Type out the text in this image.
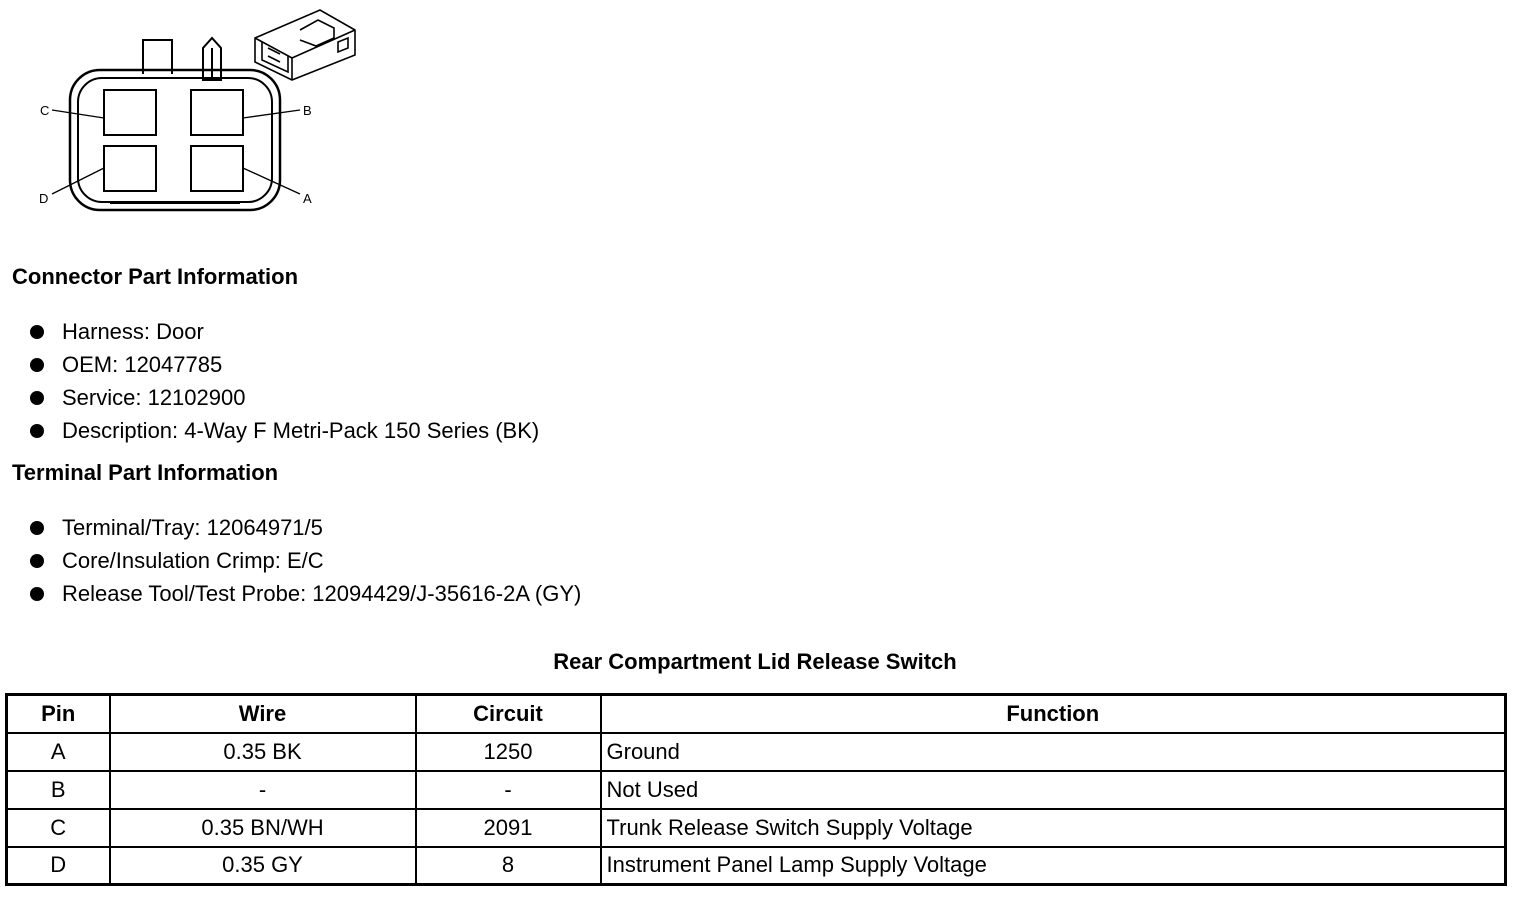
C	B
D	A
Connector Part Information
Harness: Door
OEM: 12047785
Service: 12102900
Description: 4-Way F Metri-Pack 150 Series (BK)
Terminal Part Information
Terminal/Tray: 12064971/5
Core/Insulation Crimp: E/C
Release Tool/Test Probe: 12094429/J-35616-2A (GY)
Rear Compartment Lid Release Switch
Pin	Wire	Circuit	Function
A	0.35 BK	1250	Ground
B	-	-	Not Used
C	0.35 BN/WH	2091	Trunk Release Switch Supply Voltage
D	0.35 GY	8	Instrument Panel Lamp Supply Voltage
